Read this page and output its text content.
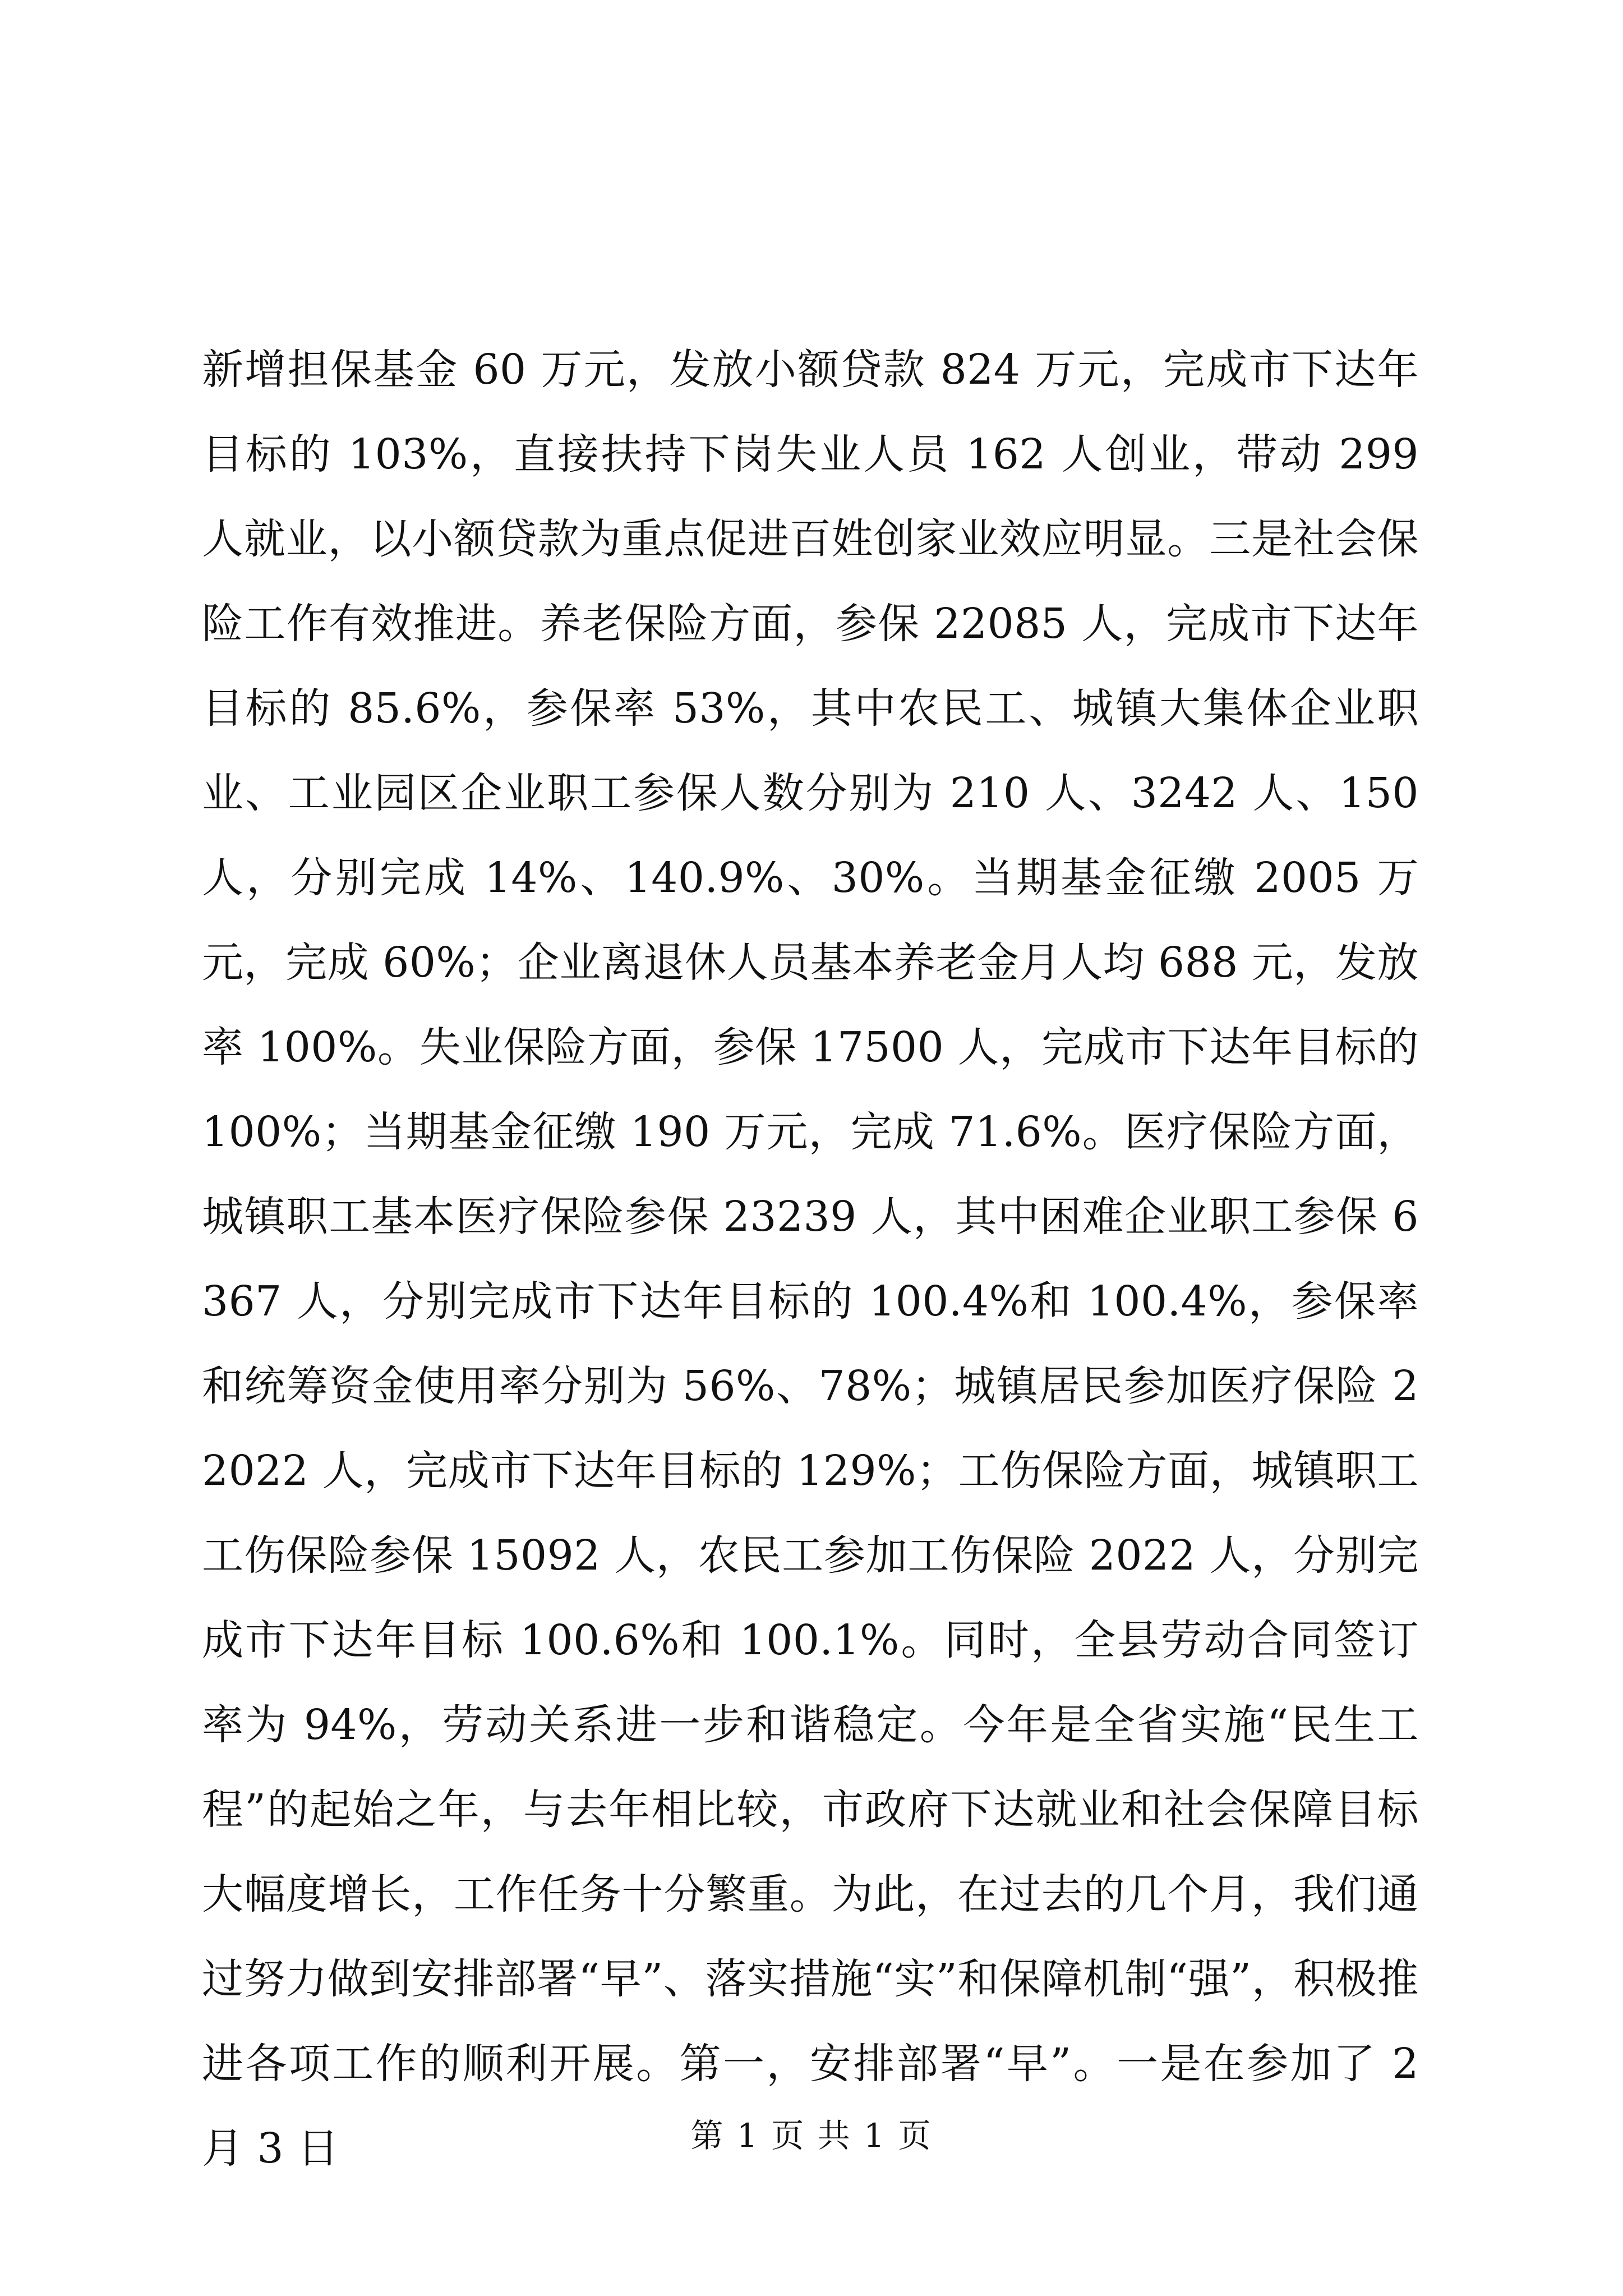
新增担保基金 60 万元，发放小额贷款 824 万元，完成市下达年目标的 103%，直接扶持下岗失业人员 162 人创业，带动 299 人就业，以小额贷款为重点促进百姓创家业效应明显。三是社会保险工作有效推进。养老保险方面，参保 22085 人，完成市下达年目标的 85.6%，参保率 53%，其中农民工、城镇大集体企业职业、工业园区企业职工参保人数分别为 210 人、3242 人、150 人，分别完成 14%、140.9%、30%。当期基金征缴 2005 万元，完成 60%；企业离退休人员基本养老金月人均 688 元，发放率 100%。失业保险方面，参保 17500 人，完成市下达年目标的 100%；当期基金征缴 190 万元，完成 71.6%。医疗保险方面，城镇职工基本医疗保险参保 23239 人，其中困难企业职工参保 6367 人，分别完成市下达年目标的 100.4%和 100.4%，参保率和统筹资金使用率分别为 56%、78%；城镇居民参加医疗保险 22022 人，完成市下达年目标的 129%；工伤保险方面，城镇职工工伤保险参保 15092 人，农民工参加工伤保险 2022 人，分别完成市下达年目标 100.6%和 100.1%。同时，全县劳动合同签订率为 94%，劳动关系进一步和谐稳定。今年是全省实施“民生工程”的起始之年，与去年相比较，市政府下达就业和社会保障目标大幅度增长，工作任务十分繁重。为此，在过去的几个月，我们通过努力做到安排部署“早”、落实措施“实”和保障机制“强”，积极推进各项工作的顺利开展。第一，安排部署“早”。一是在参加了 2 月 3 日	第 1 页 共 1 页
